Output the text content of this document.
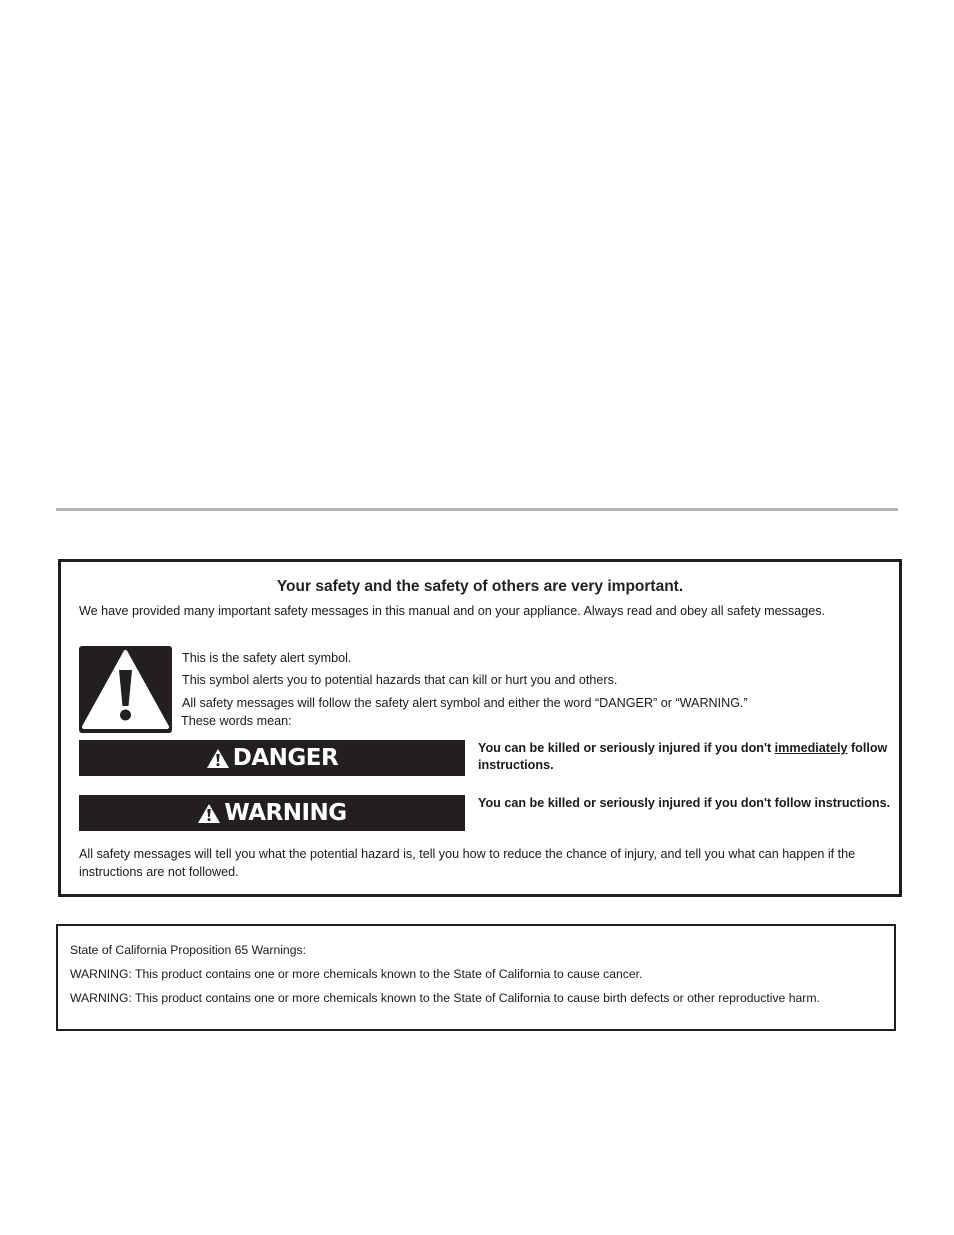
Your safety and the safety of others are very important.

We have provided many important safety messages in this manual and on your appliance. Always read and obey all safety messages.

This is the safety alert symbol.

This symbol alerts you to potential hazards that can kill or hurt you and others.

All safety messages will follow the safety alert symbol and either the word “DANGER” or “WARNING.”

These words mean:

DANGER	You can be killed or seriously injured if you don't immediately follow instructions.

WARNING	You can be killed or seriously injured if you don't follow instructions.

All safety messages will tell you what the potential hazard is, tell you how to reduce the chance of injury, and tell you what can happen if the instructions are not followed.

State of California Proposition 65 Warnings:

WARNING: This product contains one or more chemicals known to the State of California to cause cancer.

WARNING: This product contains one or more chemicals known to the State of California to cause birth defects or other reproductive harm.
